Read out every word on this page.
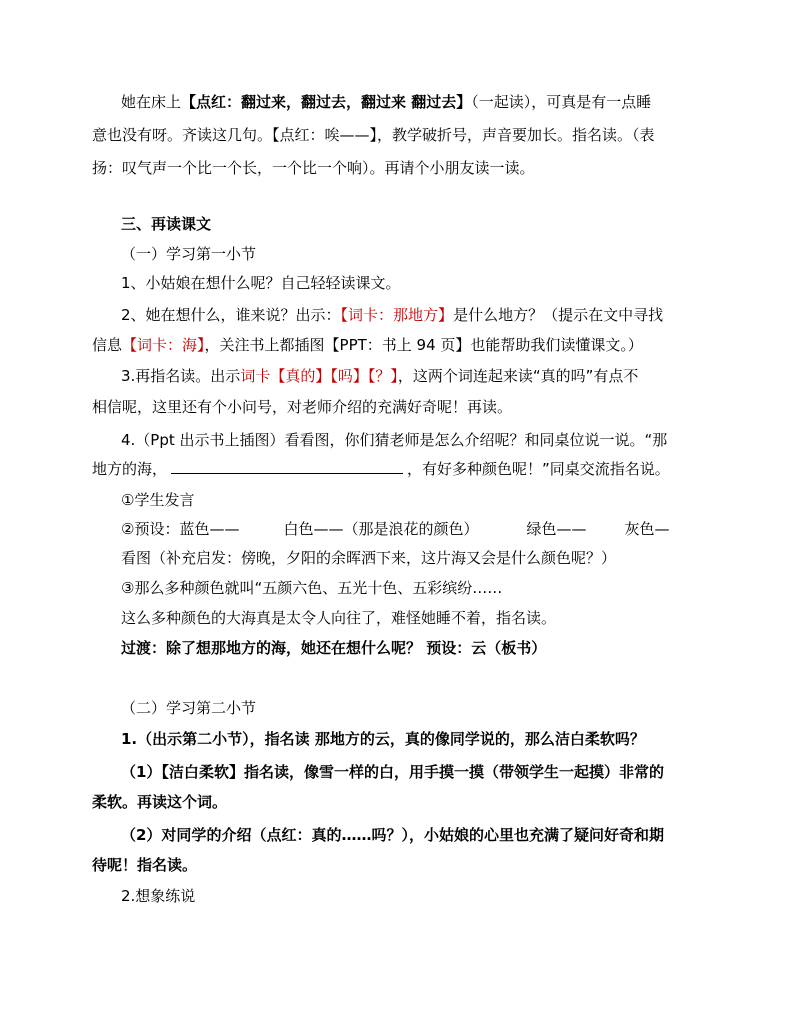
她在床上【点红：翻过来，翻过去，翻过来 翻过去】（一起读），可真是有一点睡
意也没有呀。齐读这几句。【点红：唉——】，教学破折号，声音要加长。指名读。（表
扬：叹气声一个比一个长，一个比一个响）。再请个小朋友读一读。
三、再读课文
（一）学习第一小节
1、小姑娘在想什么呢？自己轻轻读课文。
2、她在想什么，谁来说？出示：【词卡：那地方】是什么地方？（提示在文中寻找
信息【词卡：海】，关注书上都插图【PPT：书上 94 页】也能帮助我们读懂课文。）
3.再指名读。出示词卡【真的】【吗】【？】，这两个词连起来读“真的吗”有点不
相信呢，这里还有个小问号，对老师介绍的充满好奇呢！再读。
4.（Ppt 出示书上插图）看看图，你们猜老师是怎么介绍呢？和同桌位说一说。“那
地方的海，	，有好多种颜色呢！”同桌交流指名说。
①学生发言
②预设：蓝色——	白色——（那是浪花的颜色）	绿色——	灰色—
看图（补充启发：傍晚，夕阳的余晖洒下来，这片海又会是什么颜色呢？）
③那么多种颜色就叫“五颜六色、五光十色、五彩缤纷……
这么多种颜色的大海真是太令人向往了，难怪她睡不着，指名读。
过渡：除了想那地方的海，她还在想什么呢？ 预设：云（板书）
（二）学习第二小节
1.（出示第二小节），指名读 那地方的云，真的像同学说的，那么洁白柔软吗？
（1）【洁白柔软】指名读，像雪一样的白，用手摸一摸（带领学生一起摸）非常的
柔软。再读这个词。
（2）对同学的介绍（点红：真的……吗？），小姑娘的心里也充满了疑问好奇和期
待呢！指名读。
2.想象练说
